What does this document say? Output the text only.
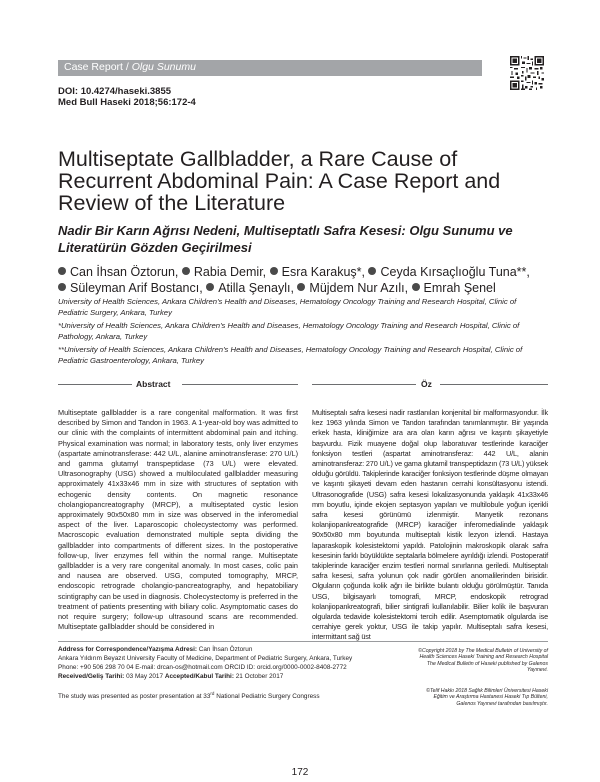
Case Report / Olgu Sunumu
DOI: 10.4274/haseki.3855
Med Bull Haseki 2018;56:172-4
Multiseptate Gallbladder, a Rare Cause of Recurrent Abdominal Pain: A Case Report and Review of the Literature
Nadir Bir Karın Ağrısı Nedeni, Multiseptatlı Safra Kesesi: Olgu Sunumu ve Literatürün Gözden Geçirilmesi
Can İhsan Öztorun, Rabia Demir, Esra Karakuş*, Ceyda Kırsaçlıoğlu Tuna**,
Süleyman Arif Bostancı, Atilla Şenaylı, Müjdem Nur Azılı, Emrah Şenel
University of Health Sciences, Ankara Children's Health and Diseases, Hematology Oncology Training and Research Hospital, Clinic of Pediatric Surgery, Ankara, Turkey
*University of Health Sciences, Ankara Children's Health and Diseases, Hematology Oncology Training and Research Hospital, Clinic of Pathology, Ankara, Turkey
**University of Health Sciences, Ankara Children's Health and Diseases, Hematology Oncology Training and Research Hospital, Clinic of Pediatric Gastroenterology, Ankara, Turkey
Abstract	Öz

Multiseptate gallbladder is a rare congenital malformation. It was first described by Simon and Tandon in 1963. A 1-year-old boy was admitted to our clinic with the complaints of intermittent abdominal pain and itching. Physical examination was normal; in laboratory tests, only liver enzymes (aspartate aminotransferase: 442 U/L, alanine aminotransferase: 270 U/L) and gamma glutamyl transpeptidase (73 U/L) were elevated. Ultrasonography (USG) showed a multiloculated gallbladder measuring approximately 41x33x46 mm in size with structures of septation with echogenic density contents. On magnetic resonance cholangiopancreatography (MRCP), a multiseptated cystic lesion approximately 90x50x80 mm in size was observed in the inferomedial aspect of the liver. Laparoscopic cholecystectomy was performed. Macroscopic evaluation demonstrated multiple septa dividing the gallbladder into compartments of different sizes. In the postoperative follow-up, liver enzymes fell within the normal range. Multiseptate gallbladder is a very rare congenital anomaly. In most cases, colic pain and nausea are observed. USG, computed tomography, MRCP, endoscopic retrograde cholangio-pancreatography, and hepatobiliary scintigraphy can be used in diagnosis. Cholecystectomy is preferred in the treatment of patients presenting with biliary colic. Asymptomatic cases do not require surgery; follow-up ultrasound scans are recommended. Multiseptate gallbladder should be considered in

Multiseptalı safra kesesi nadir rastlanılan konjenital bir malformasyondur. İlk kez 1963 yılında Simon ve Tandon tarafından tanımlanmıştır. Bir yaşında erkek hasta, kliniğimize ara ara olan karın ağrısı ve kaşıntı şikayetiyle başvurdu. Fizik muayene doğal olup laboratuvar testlerinde karaciğer fonksiyon testleri (aspartat aminotransferaz: 442 U/L, alanin aminotransferaz: 270 U/L) ve gama glutamil transpeptidazın (73 U/L) yüksek olduğu görüldü. Takiplerinde karaciğer fonksiyon testlerinde düşme olmayan ve kaşıntı şikayeti devam eden hastanın cerrahi konsültasyonu istendi. Ultrasonografide (USG) safra kesesi lokalizasyonunda yaklaşık 41x33x46 mm boyutlu, içinde ekojen septasyon yapıları ve multilobule yoğun içerikli safra kesesi görünümü izlenmiştir. Manyetik rezonans kolanjiopankreatografide (MRCP) karaciğer inferomedialinde yaklaşık 90x50x80 mm boyutunda multiseptalı kistik lezyon izlendi. Hastaya laparaskopik kolesistektomi yapıldı. Patolojinin makroskopik olarak safra kesesinin farklı büyüklükte septalarla bölmelere ayrıldığı izlendi. Postoperatif takiplerinde karaciğer enzim testleri normal sınırlarına geriledi. Multiseptalı safra kesesi, safra yolunun çok nadir görülen anomalilerinden birisidir. Olguların çoğunda kolik ağrı ile birlikte bulantı olduğu görülmüştür. Tanıda USG, bilgisayarlı tomografi, MRCP, endoskopik retrograd kolanjiopankreatografi, bilier sintigrafi kullanılabilir. Bilier kolik ile başvuran olgularda tedavide kolesistektomi tercih edilir. Asemptomatik olgularda ise cerrahiye gerek yoktur, USG ile takip yapılır. Multiseptalı safra kesesi, intermittant sağ üst

Address for Correspondence/Yazışma Adresi: Can İhsan Öztorun
Ankara Yıldırım Beyazıt University Faculty of Medicine, Department of Pediatric Surgery, Ankara, Turkey
Phone: +90 506 298 70 04 E-mail: drcan-os@hotmail.com ORCID ID: orcid.org/0000-0002-8408-2772
Received/Geliş Tarihi: 03 May 2017 Accepted/Kabul Tarihi: 21 October 2017
The study was presented as poster presentation at 33rd National Pediatric Surgery Congress
©Copyright 2018 by The Medical Bulletin of University of Health Sciences Haseki Training and Research Hospital The Medical Bulletin of Haseki published by Galenos Yayınevi.
©Telif Hakkı 2018 Sağlık Bilimleri Üniversitesi Haseki Eğitim ve Araştırma Hastanesi Haseki Tıp Bülteni, Galenos Yayınevi tarafından basılmıştır.
172
